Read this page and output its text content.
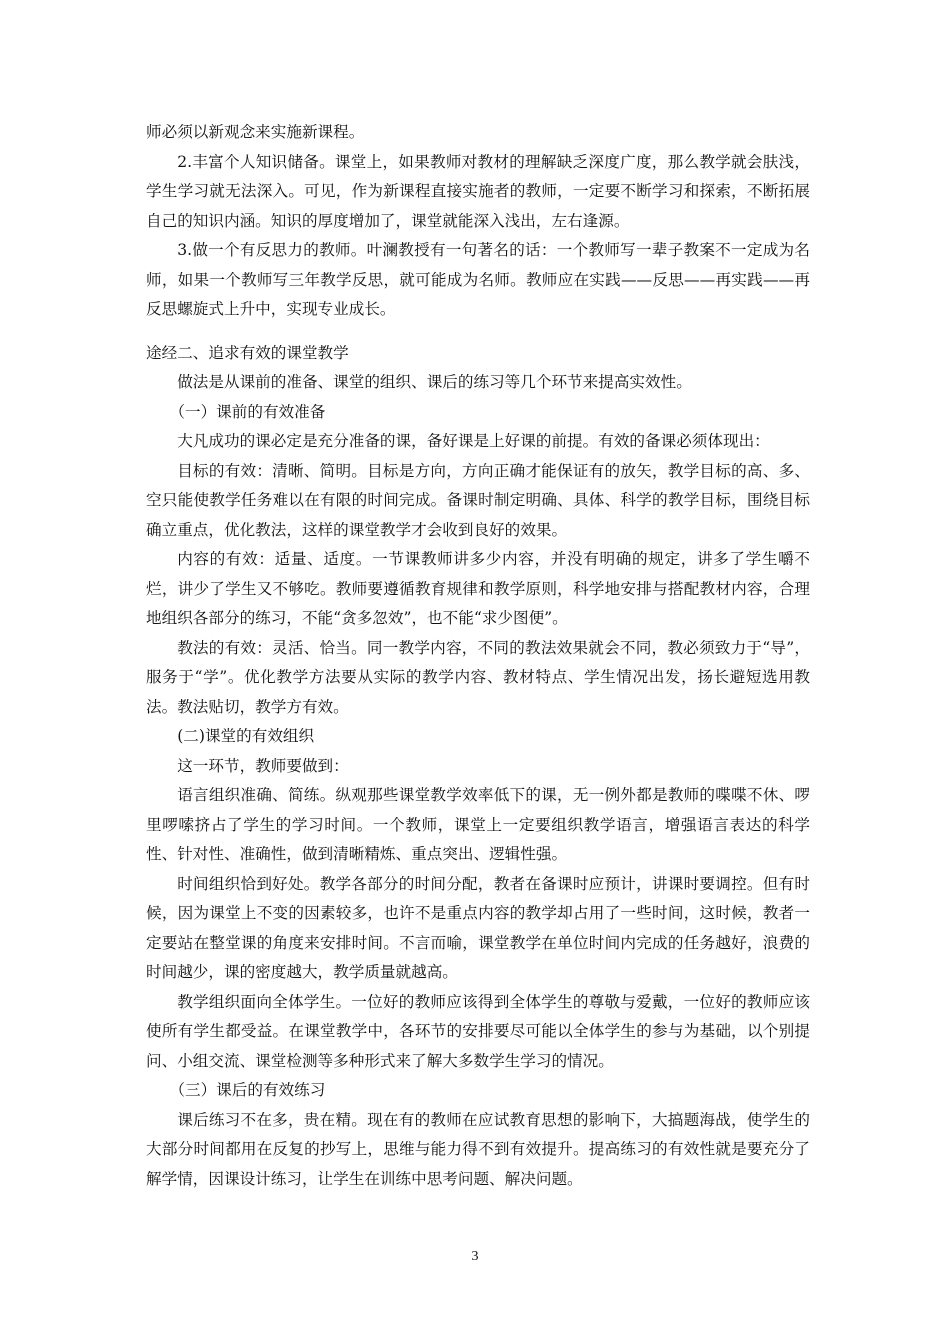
师必须以新观念来实施新课程。

2.丰富个人知识储备。课堂上，如果教师对教材的理解缺乏深度广度，那么教学就会肤浅，学生学习就无法深入。可见，作为新课程直接实施者的教师，一定要不断学习和探索，不断拓展自己的知识内涵。知识的厚度增加了，课堂就能深入浅出，左右逢源。

3.做一个有反思力的教师。叶澜教授有一句著名的话：一个教师写一辈子教案不一定成为名师，如果一个教师写三年教学反思，就可能成为名师。教师应在实践——反思——再实践——再反思螺旋式上升中，实现专业成长。

途经二、追求有效的课堂教学

做法是从课前的准备、课堂的组织、课后的练习等几个环节来提高实效性。

（一）课前的有效准备

大凡成功的课必定是充分准备的课，备好课是上好课的前提。有效的备课必须体现出：

目标的有效：清晰、简明。目标是方向，方向正确才能保证有的放矢，教学目标的高、多、空只能使教学任务难以在有限的时间完成。备课时制定明确、具体、科学的教学目标，围绕目标确立重点，优化教法，这样的课堂教学才会收到良好的效果。

内容的有效：适量、适度。一节课教师讲多少内容，并没有明确的规定，讲多了学生嚼不烂，讲少了学生又不够吃。教师要遵循教育规律和教学原则，科学地安排与搭配教材内容，合理地组织各部分的练习，不能“贪多忽效”，也不能“求少图便”。

教法的有效：灵活、恰当。同一教学内容，不同的教法效果就会不同，教必须致力于“导”，服务于“学”。优化教学方法要从实际的教学内容、教材特点、学生情况出发，扬长避短选用教法。教法贴切，教学方有效。

(二)课堂的有效组织

这一环节，教师要做到：

语言组织准确、简练。纵观那些课堂教学效率低下的课，无一例外都是教师的喋喋不休、啰里啰嗦挤占了学生的学习时间。一个教师，课堂上一定要组织教学语言，增强语言表达的科学性、针对性、准确性，做到清晰精炼、重点突出、逻辑性强。

时间组织恰到好处。教学各部分的时间分配，教者在备课时应预计，讲课时要调控。但有时候，因为课堂上不变的因素较多，也许不是重点内容的教学却占用了一些时间，这时候，教者一定要站在整堂课的角度来安排时间。不言而喻，课堂教学在单位时间内完成的任务越好，浪费的时间越少，课的密度越大，教学质量就越高。

教学组织面向全体学生。一位好的教师应该得到全体学生的尊敬与爱戴，一位好的教师应该使所有学生都受益。在课堂教学中，各环节的安排要尽可能以全体学生的参与为基础，以个别提问、小组交流、课堂检测等多种形式来了解大多数学生学习的情况。

（三）课后的有效练习

课后练习不在多，贵在精。现在有的教师在应试教育思想的影响下，大搞题海战，使学生的大部分时间都用在反复的抄写上，思维与能力得不到有效提升。提高练习的有效性就是要充分了解学情，因课设计练习，让学生在训练中思考问题、解决问题。

3
